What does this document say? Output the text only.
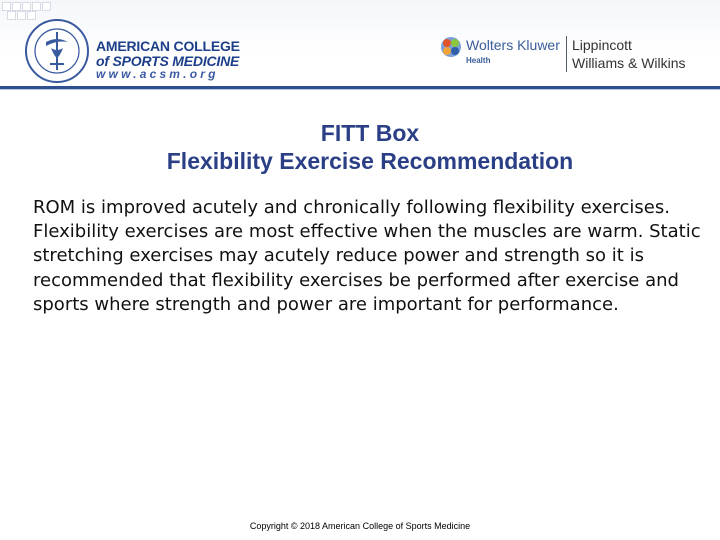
AMERICAN COLLEGE
of SPORTS MEDICINE
www.acsm.org
Wolters Kluwer
Health
Lippincott
Williams & Wilkins
FITT Box
Flexibility Exercise Recommendation
ROM is improved acutely and chronically following flexibility exercises. Flexibility exercises are most effective when the muscles are warm. Static stretching exercises may acutely reduce power and strength so it is recommended that flexibility exercises be performed after exercise and sports where strength and power are important for performance.
Copyright © 2018 American College of Sports Medicine
